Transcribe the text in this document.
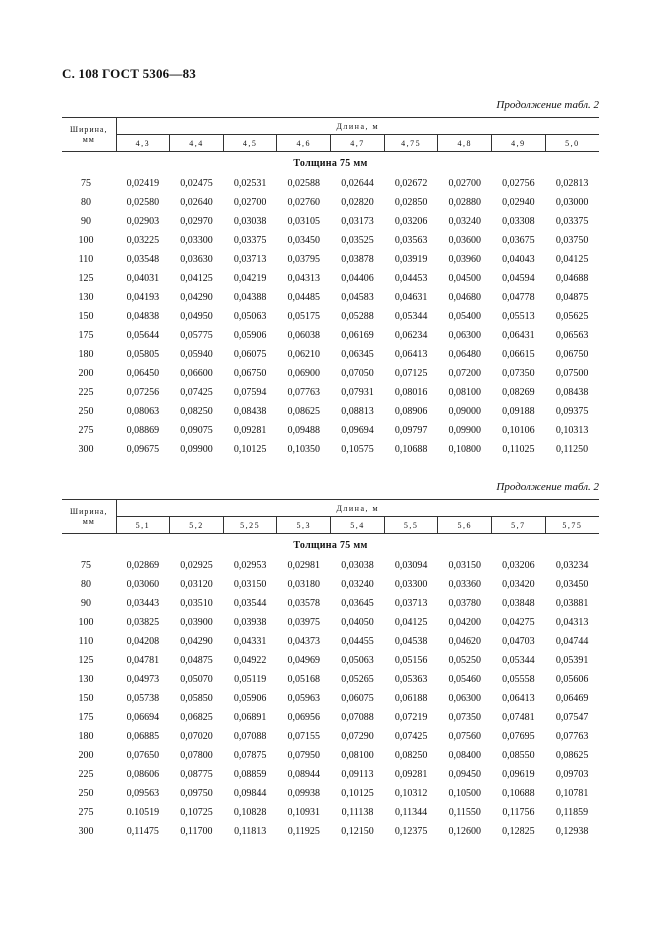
С. 108 ГОСТ 5306—83
Продолжение табл. 2
Ширина,
мм	Длина, м								
	4,3	4,4	4,5	4,6	4,7	4,75	4,8	4,9	5,0
Толщина 75 мм									
75	0,02419	0,02475	0,02531	0,02588	0,02644	0,02672	0,02700	0,02756	0,02813
80	0,02580	0,02640	0,02700	0,02760	0,02820	0,02850	0,02880	0,02940	0,03000
90	0,02903	0,02970	0,03038	0,03105	0,03173	0,03206	0,03240	0,03308	0,03375
100	0,03225	0,03300	0,03375	0,03450	0,03525	0,03563	0,03600	0,03675	0,03750
110	0,03548	0,03630	0,03713	0,03795	0,03878	0,03919	0,03960	0,04043	0,04125
125	0,04031	0,04125	0,04219	0,04313	0,04406	0,04453	0,04500	0,04594	0,04688
130	0,04193	0,04290	0,04388	0,04485	0,04583	0,04631	0,04680	0,04778	0,04875
150	0,04838	0,04950	0,05063	0,05175	0,05288	0,05344	0,05400	0,05513	0,05625
175	0,05644	0,05775	0,05906	0,06038	0,06169	0,06234	0,06300	0,06431	0,06563
180	0,05805	0,05940	0,06075	0,06210	0,06345	0,06413	0,06480	0,06615	0,06750
200	0,06450	0,06600	0,06750	0,06900	0,07050	0,07125	0,07200	0,07350	0,07500
225	0,07256	0,07425	0,07594	0,07763	0,07931	0,08016	0,08100	0,08269	0,08438
250	0,08063	0,08250	0,08438	0,08625	0,08813	0,08906	0,09000	0,09188	0,09375
275	0,08869	0,09075	0,09281	0,09488	0,09694	0,09797	0,09900	0,10106	0,10313
300	0,09675	0,09900	0,10125	0,10350	0,10575	0,10688	0,10800	0,11025	0,11250
Продолжение табл. 2
Ширина,
мм	Длина, м								
	5,1	5,2	5,25	5,3	5,4	5,5	5,6	5,7	5,75
Толщина 75 мм									
75	0,02869	0,02925	0,02953	0,02981	0,03038	0,03094	0,03150	0,03206	0,03234
80	0,03060	0,03120	0,03150	0,03180	0,03240	0,03300	0,03360	0,03420	0,03450
90	0,03443	0,03510	0,03544	0,03578	0,03645	0,03713	0,03780	0,03848	0,03881
100	0,03825	0,03900	0,03938	0,03975	0,04050	0,04125	0,04200	0,04275	0,04313
110	0,04208	0,04290	0,04331	0,04373	0,04455	0,04538	0,04620	0,04703	0,04744
125	0,04781	0,04875	0,04922	0,04969	0,05063	0,05156	0,05250	0,05344	0,05391
130	0,04973	0,05070	0,05119	0,05168	0,05265	0,05363	0,05460	0,05558	0,05606
150	0,05738	0,05850	0,05906	0,05963	0,06075	0,06188	0,06300	0,06413	0,06469
175	0,06694	0,06825	0,06891	0,06956	0,07088	0,07219	0,07350	0,07481	0,07547
180	0,06885	0,07020	0,07088	0,07155	0,07290	0,07425	0,07560	0,07695	0,07763
200	0,07650	0,07800	0,07875	0,07950	0,08100	0,08250	0,08400	0,08550	0,08625
225	0,08606	0,08775	0,08859	0,08944	0,09113	0,09281	0,09450	0,09619	0,09703
250	0,09563	0,09750	0,09844	0,09938	0,10125	0,10312	0,10500	0,10688	0,10781
275	0.10519	0,10725	0,10828	0,10931	0,11138	0,11344	0,11550	0,11756	0,11859
300	0,11475	0,11700	0,11813	0,11925	0,12150	0,12375	0,12600	0,12825	0,12938
